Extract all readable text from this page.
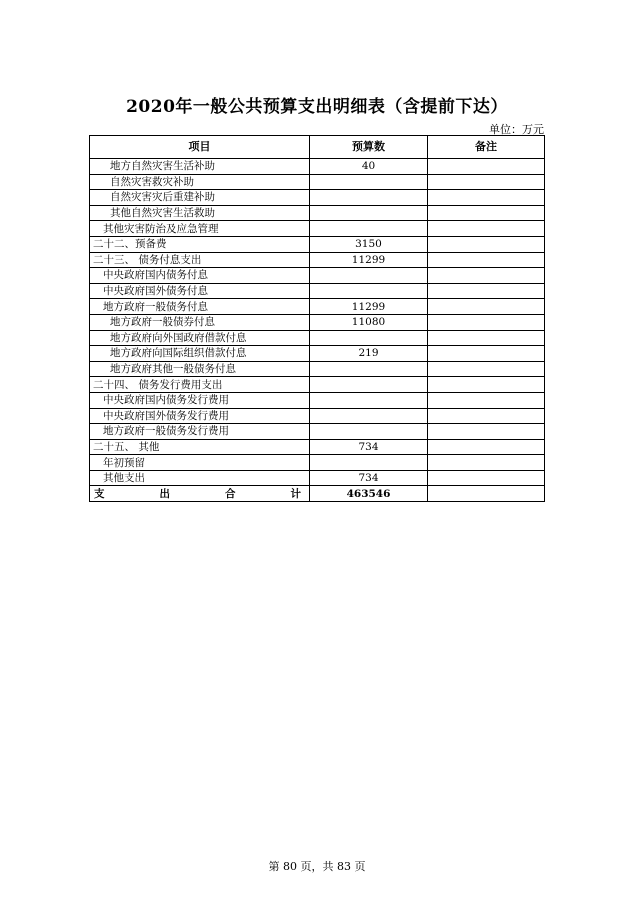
2020年一般公共预算支出明细表（含提前下达）
单位：万元
项目	预算数	备注
地方自然灾害生活补助	40	
自然灾害救灾补助		
自然灾害灾后重建补助		
其他自然灾害生活救助		
其他灾害防治及应急管理		
二十二、预备费	3150	
二十三、 债务付息支出	11299	
中央政府国内债务付息		
中央政府国外债务付息		
地方政府一般债务付息	11299	
地方政府一般债券付息	11080	
地方政府向外国政府借款付息		
地方政府向国际组织借款付息	219	
地方政府其他一般债务付息		
二十四、 债务发行费用支出		
中央政府国内债务发行费用		
中央政府国外债务发行费用		
地方政府一般债务发行费用		
二十五、 其他	734	
年初预留		
其他支出	734	

支 出 合 计	463546	
第 80 页，共 83 页
